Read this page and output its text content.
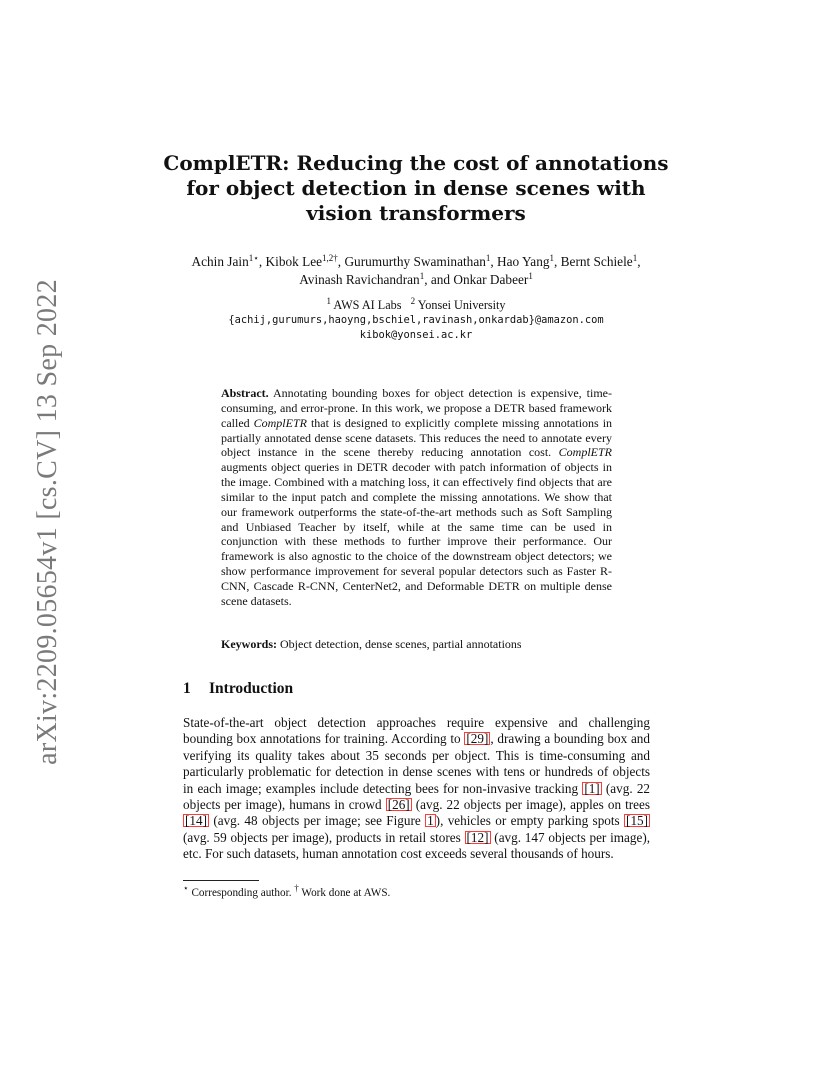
arXiv:2209.05654v1 [cs.CV] 13 Sep 2022
ComplETR: Reducing the cost of annotations for object detection in dense scenes with vision transformers
Achin Jain$^{1⋆}$, Kibok Lee$^{1,2\dagger}$, Gurumurthy Swaminathan$^1$, Hao Yang$^1$, Bernt Schiele$^1$, Avinash Ravichandran$^1$, and Onkar Dabeer$^1$
$^1$ AWS AI Labs $^2$ Yonsei University
{achij,gurumurs,haoyng,bschiel,ravinash,onkardab}@amazon.com
kibok@yonsei.ac.kr
Abstract. Annotating bounding boxes for object detection is expensive, time-consuming, and error-prone. In this work, we propose a DETR based framework called ComplETR that is designed to explicitly complete missing annotations in partially annotated dense scene datasets. This reduces the need to annotate every object instance in the scene thereby reducing annotation cost. ComplETR augments object queries in DETR decoder with patch information of objects in the image. Combined with a matching loss, it can effectively find objects that are similar to the input patch and complete the missing annotations. We show that our framework outperforms the state-of-the-art methods such as Soft Sampling and Unbiased Teacher by itself, while at the same time can be used in conjunction with these methods to further improve their performance. Our framework is also agnostic to the choice of the downstream object detectors; we show performance improvement for several popular detectors such as Faster R-CNN, Cascade R-CNN, CenterNet2, and Deformable DETR on multiple dense scene datasets.
Keywords: Object detection, dense scenes, partial annotations
1 Introduction
State-of-the-art object detection approaches require expensive and challenging bounding box annotations for training. According to [29] , drawing a bounding box and verifying its quality takes about 35 seconds per object. This is time-consuming and particularly problematic for detection in dense scenes with tens or hundreds of objects in each image; examples include detecting bees for non-invasive tracking [1] (avg. 22 objects per image), humans in crowd [26] (avg. 22 objects per image), apples on trees [14] (avg. 48 objects per image; see Figure 1 ), vehicles or empty parking spots [15] (avg. 59 objects per image), products in retail stores [12] (avg. 147 objects per image), etc. For such datasets, human annotation cost exceeds several thousands of hours.
⋆ Corresponding author. † Work done at AWS.
